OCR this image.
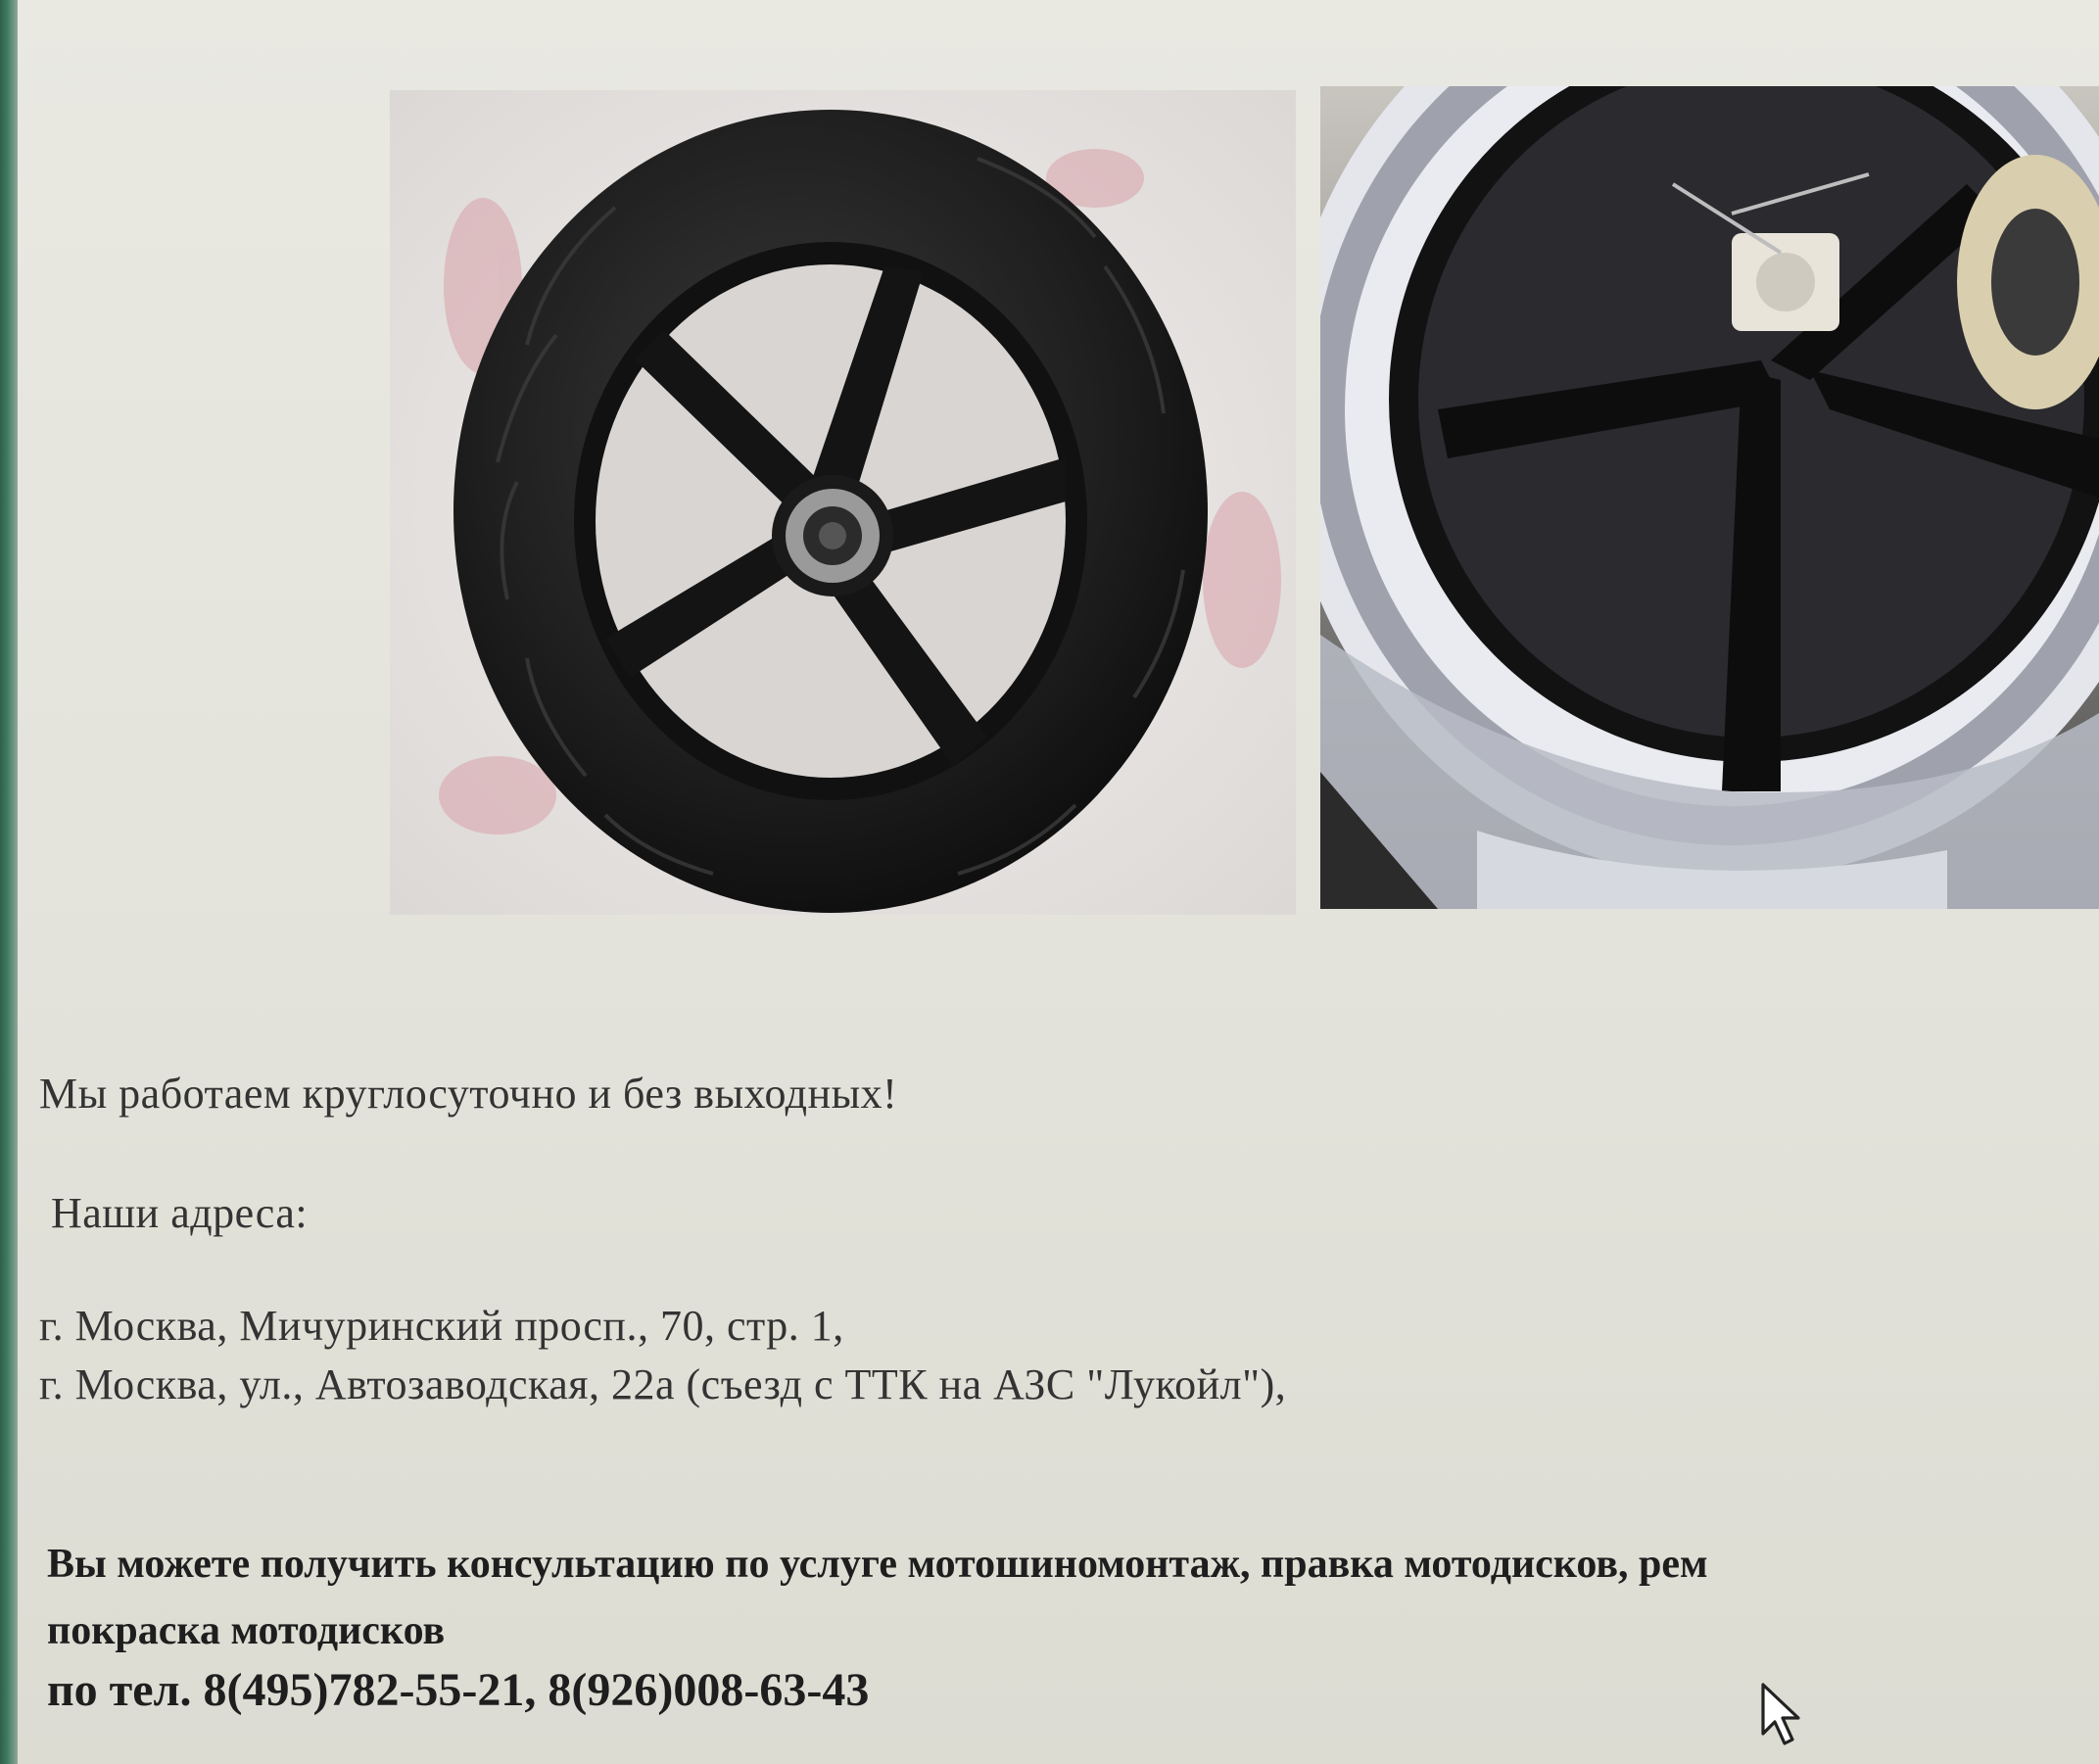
Мы работаем круглосуточно и без выходных!
Наши адреса:
г. Москва, Мичуринский просп., 70, стр. 1,
г. Москва, ул., Автозаводская, 22а (съезд с ТТК на АЗС "Лукойл"),
Вы можете получить консультацию по услуге мотошиномонтаж, правка мотодисков, рем
покраска мотодисков
по тел. 8(495)782-55-21, 8(926)008-63-43
